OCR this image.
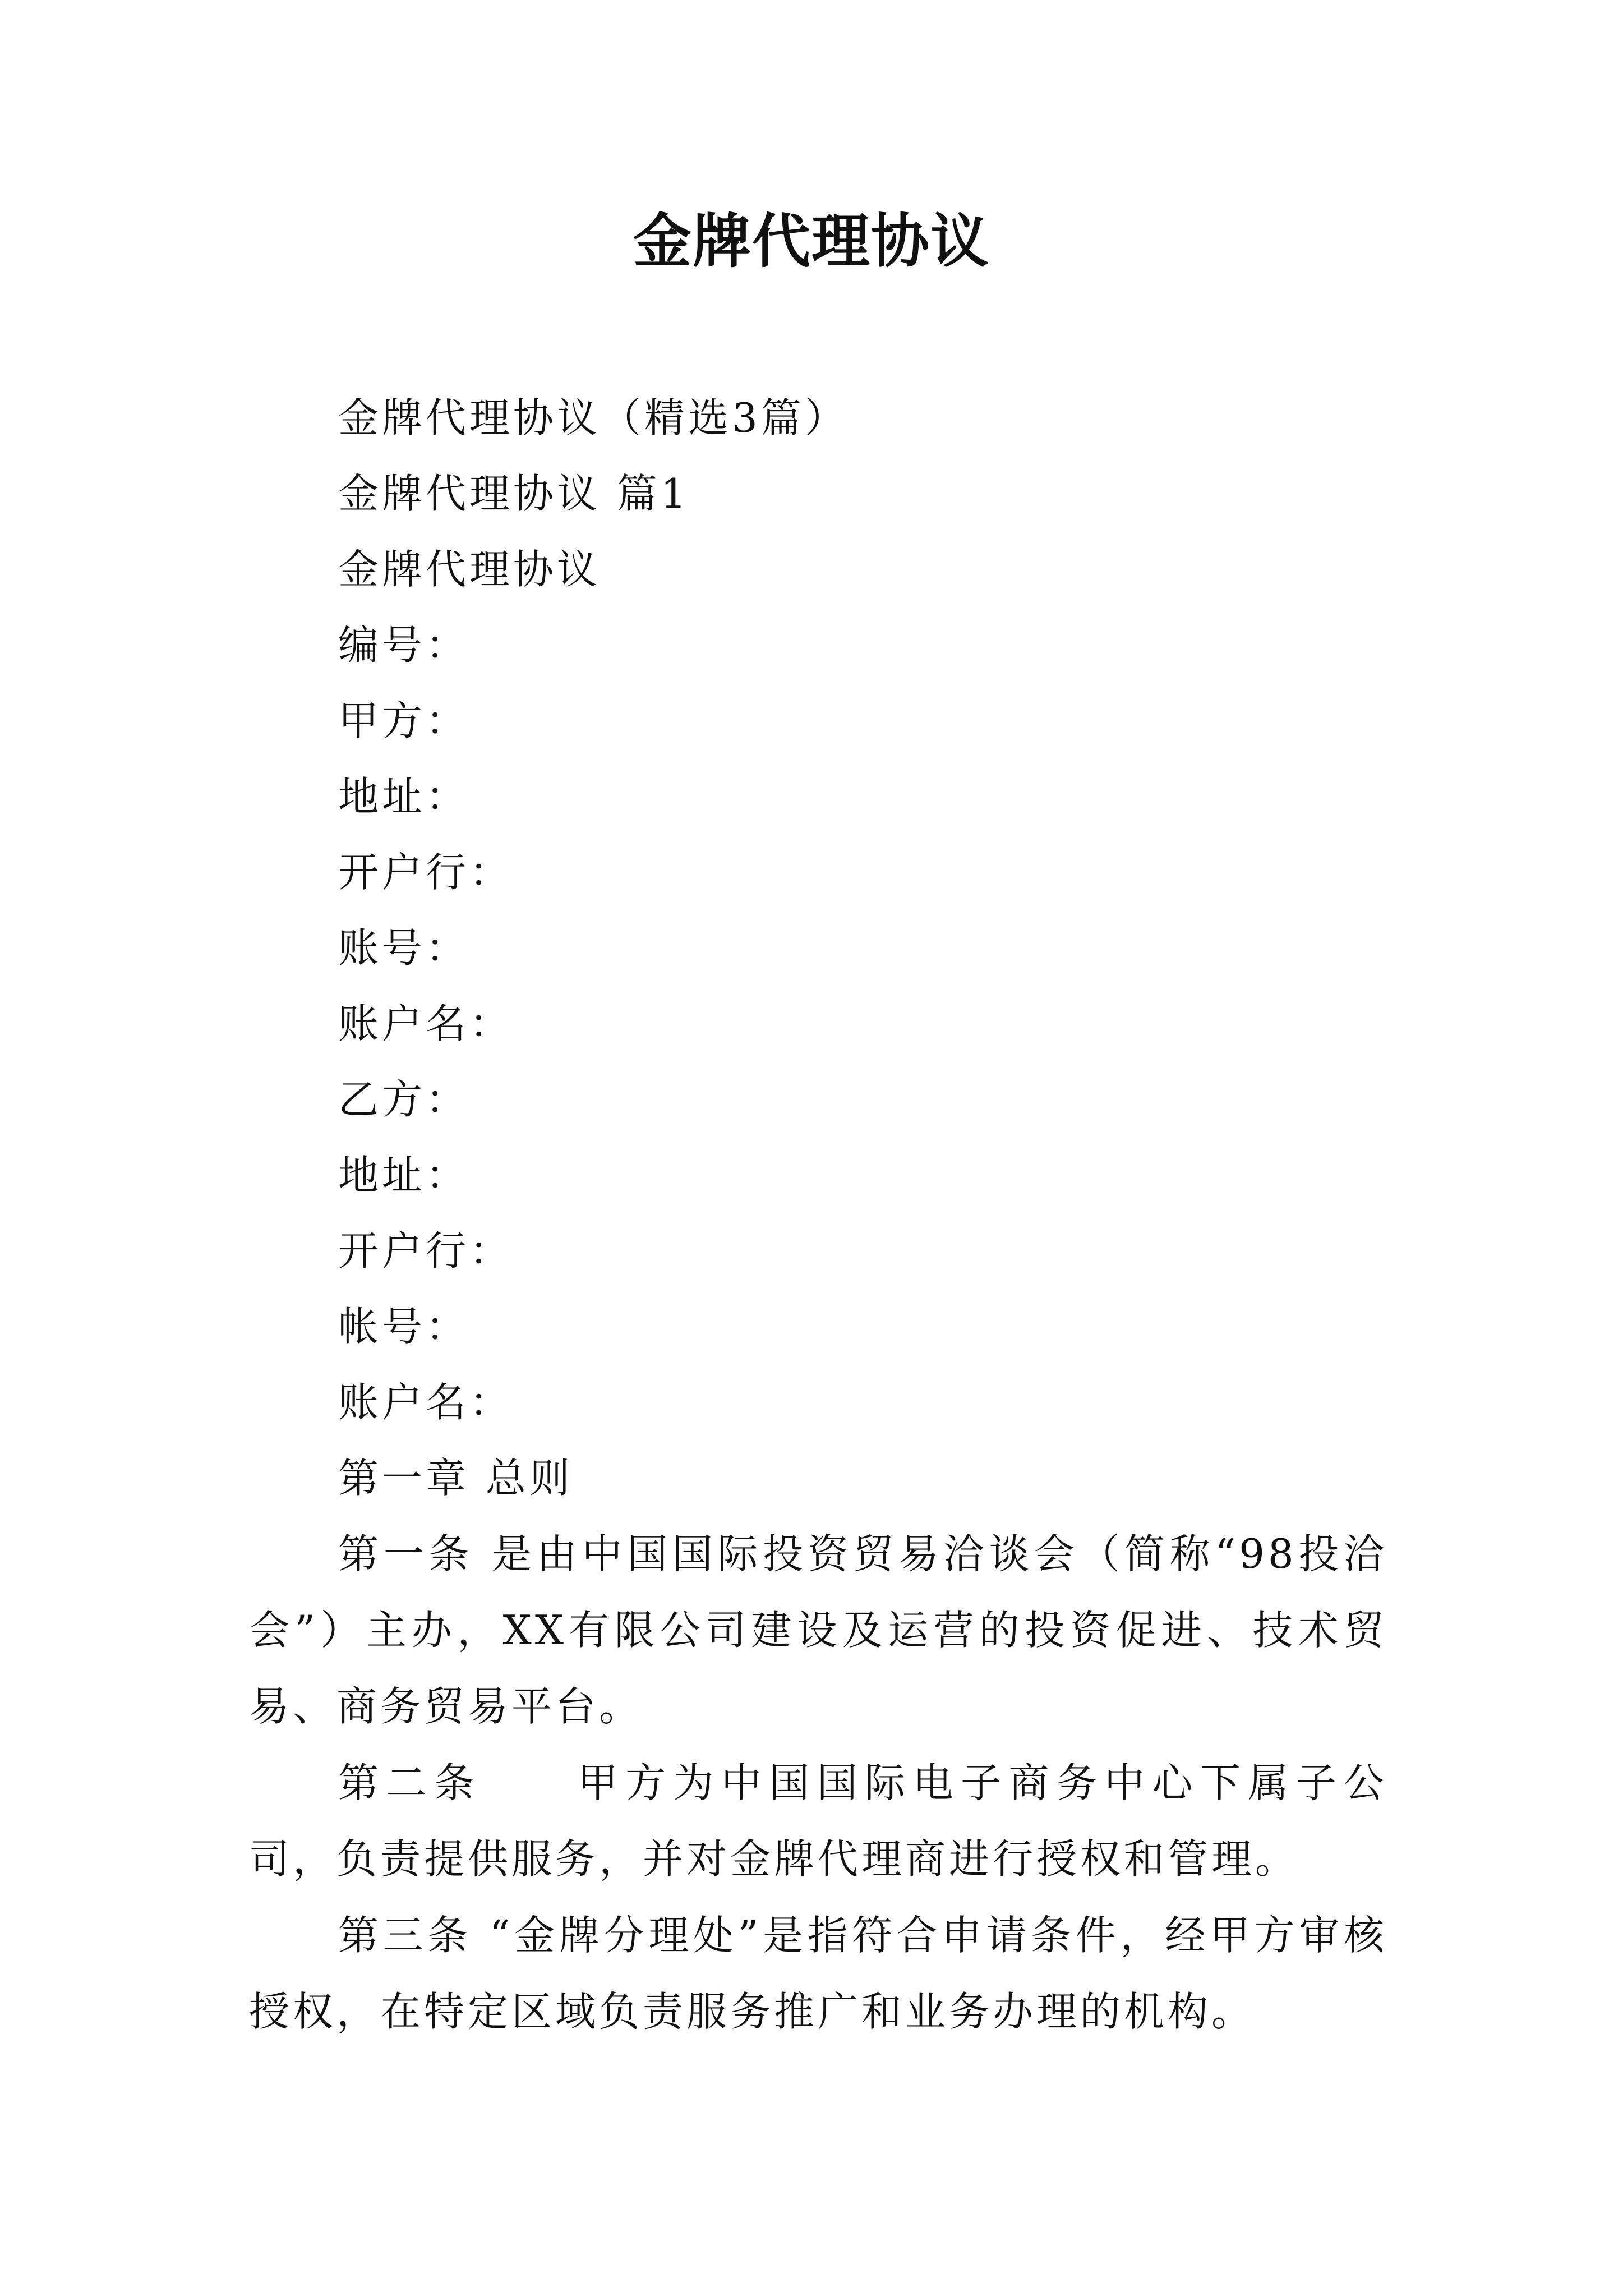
金牌代理协议
金牌代理协议（精选3篇）
金牌代理协议 篇1
金牌代理协议
编号：
甲方：
地址：
开户行：
账号：
账户名：
乙方：
地址：
开户行：
帐号：
账户名：
第一章 总则
第一条 是由中国国际投资贸易洽谈会（简称“98投洽会”）主办，XX有限公司建设及运营的投资促进、技术贸易、商务贸易平台。
第二条　　甲方为中国国际电子商务中心下属子公司，负责提供服务，并对金牌代理商进行授权和管理。
第三条 “金牌分理处”是指符合申请条件，经甲方审核授权，在特定区域负责服务推广和业务办理的机构。
